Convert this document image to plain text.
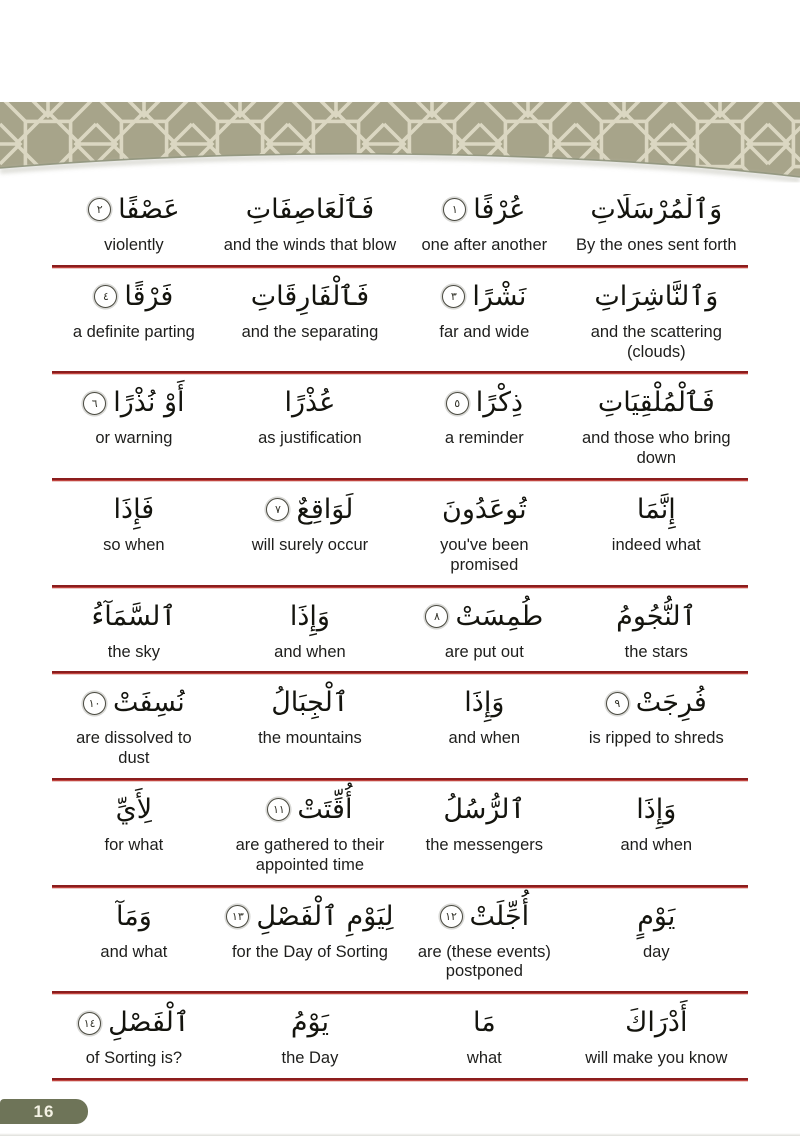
عَصْفًا
٢
violently
فَٱلْعَاصِفَاتِ
and the winds that blow
عُرْفًا
١
one after another
وَٱلْمُرْسَلَاتِ
By the ones sent forth
فَرْقًا
٤
a definite parting
فَٱلْفَارِقَاتِ
and the separating
نَشْرًا
٣
far and wide
وَٱلنَّاشِرَاتِ
and the scattering (clouds)
أَوْ نُذْرًا
٦
or warning
عُذْرًا
as justification
ذِكْرًا
٥
a reminder
فَٱلْمُلْقِيَاتِ
and those who bring down
فَإِذَا
so when
لَوَاقِعٌ
٧
will surely occur
تُوعَدُونَ
you've been promised
إِنَّمَا
indeed what
ٱلسَّمَآءُ
the sky
وَإِذَا
and when
طُمِسَتْ
٨
are put out
ٱلنُّجُومُ
the stars
نُسِفَتْ
١٠
are dissolved to dust
ٱلْجِبَالُ
the mountains
وَإِذَا
and when
فُرِجَتْ
٩
is ripped to shreds
لِأَيِّ
for what
أُقِّتَتْ
١١
are gathered to their appointed time
ٱلرُّسُلُ
the messengers
وَإِذَا
and when
وَمَآ
and what
لِيَوْمِ ٱلْفَصْلِ
١٣
for the Day of Sorting
أُجِّلَتْ
١٢
are (these events) postponed
يَوْمٍ
day
ٱلْفَصْلِ
١٤
of Sorting is?
يَوْمُ
the Day
مَا
what
أَدْرَاكَ
will make you know
16
